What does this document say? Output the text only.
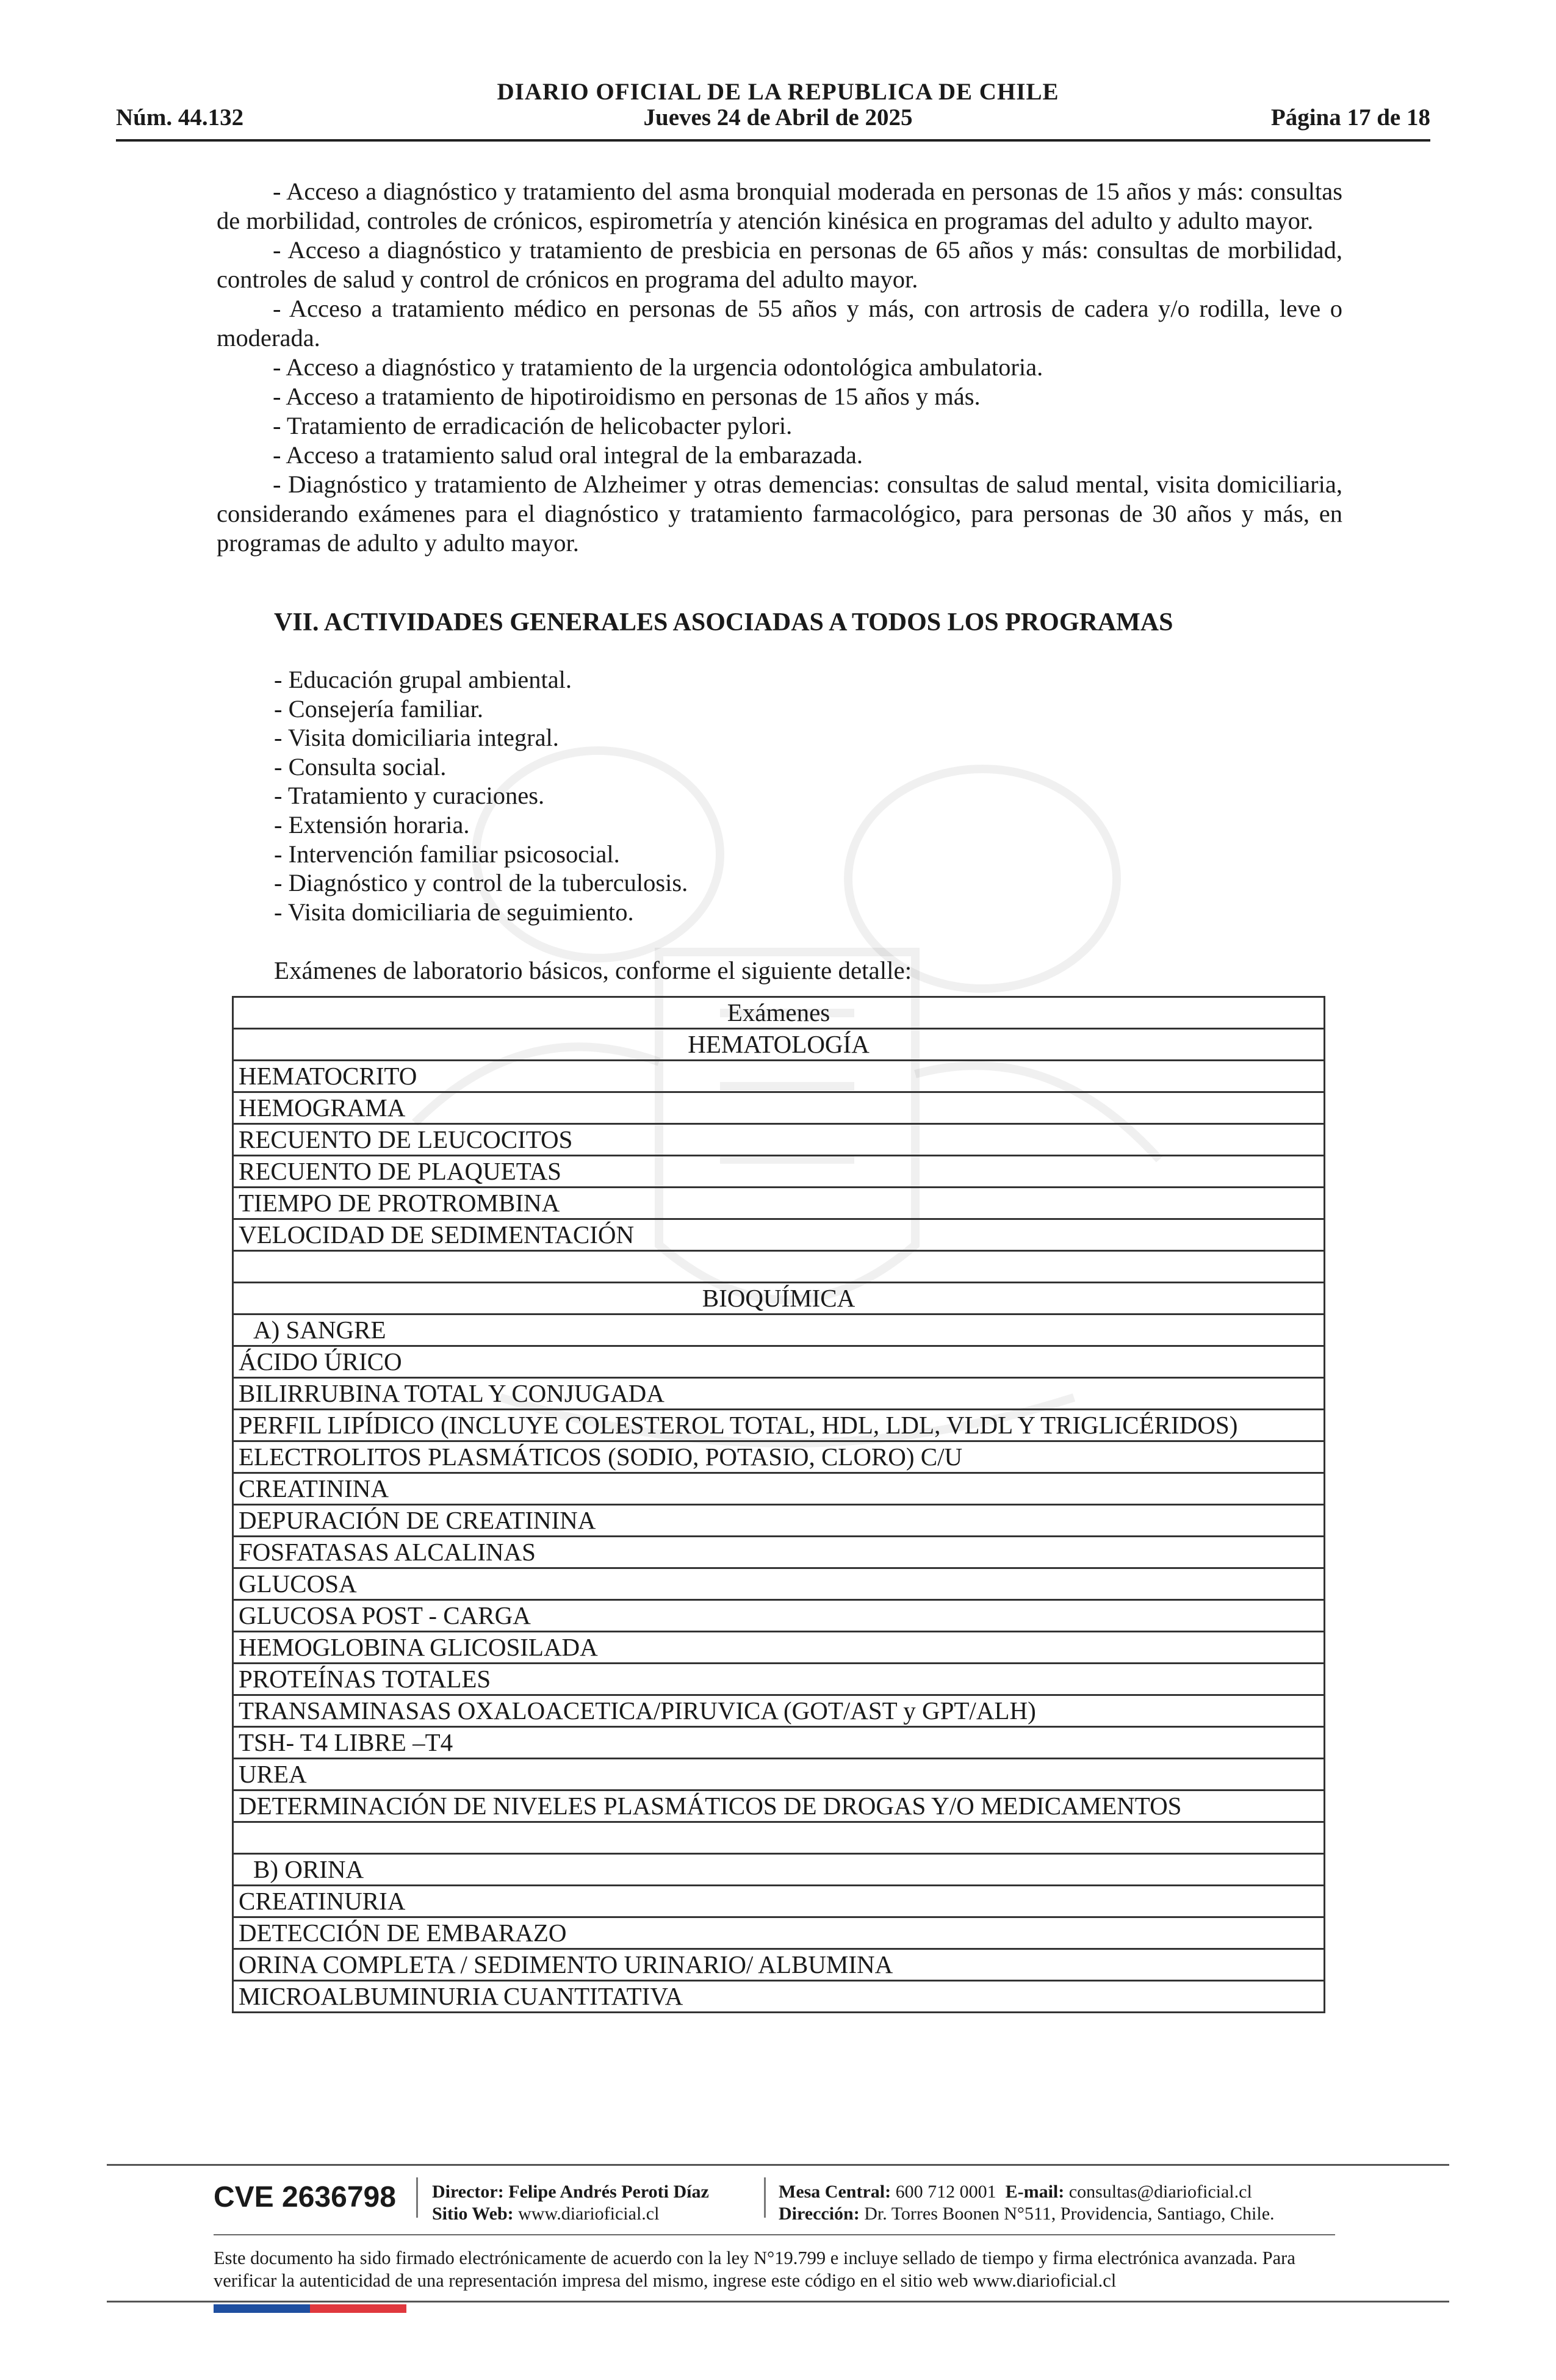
DIARIO OFICIAL DE LA REPUBLICA DE CHILE
Núm. 44.132	Jueves 24 de Abril de 2025	Página 17 de 18

- Acceso a diagnóstico y tratamiento del asma bronquial moderada en personas de 15 años y más: consultas de morbilidad, controles de crónicos, espirometría y atención kinésica en programas del adulto y adulto mayor.

- Acceso a diagnóstico y tratamiento de presbicia en personas de 65 años y más: consultas de morbilidad, controles de salud y control de crónicos en programa del adulto mayor.

- Acceso a tratamiento médico en personas de 55 años y más, con artrosis de cadera y/o rodilla, leve o moderada.

- Acceso a diagnóstico y tratamiento de la urgencia odontológica ambulatoria.

- Acceso a tratamiento de hipotiroidismo en personas de 15 años y más.

- Tratamiento de erradicación de helicobacter pylori.

- Acceso a tratamiento salud oral integral de la embarazada.

- Diagnóstico y tratamiento de Alzheimer y otras demencias: consultas de salud mental, visita domiciliaria, considerando exámenes para el diagnóstico y tratamiento farmacológico, para personas de 30 años y más, en programas de adulto y adulto mayor.

VII. ACTIVIDADES GENERALES ASOCIADAS A TODOS LOS PROGRAMAS
- Educación grupal ambiental.
- Consejería familiar.
- Visita domiciliaria integral.
- Consulta social.
- Tratamiento y curaciones.
- Extensión horaria.
- Intervención familiar psicosocial.
- Diagnóstico y control de la tuberculosis.
- Visita domiciliaria de seguimiento.
Exámenes de laboratorio básicos, conforme el siguiente detalle:
Exámenes
HEMATOLOGÍA
HEMATOCRITO
HEMOGRAMA
RECUENTO DE LEUCOCITOS
RECUENTO DE PLAQUETAS
TIEMPO DE PROTROMBINA
VELOCIDAD DE SEDIMENTACIÓN

BIOQUÍMICA
A) SANGRE
ÁCIDO ÚRICO
BILIRRUBINA TOTAL Y CONJUGADA
PERFIL LIPÍDICO (INCLUYE COLESTEROL TOTAL, HDL, LDL, VLDL Y TRIGLICÉRIDOS)
ELECTROLITOS PLASMÁTICOS (SODIO, POTASIO, CLORO) C/U
CREATININA
DEPURACIÓN DE CREATININA
FOSFATASAS ALCALINAS
GLUCOSA
GLUCOSA POST - CARGA
HEMOGLOBINA GLICOSILADA
PROTEÍNAS TOTALES
TRANSAMINASAS OXALOACETICA/PIRUVICA (GOT/AST y GPT/ALH)
TSH- T4 LIBRE –T4
UREA
DETERMINACIÓN DE NIVELES PLASMÁTICOS DE DROGAS Y/O MEDICAMENTOS

B) ORINA
CREATINURIA
DETECCIÓN DE EMBARAZO
ORINA COMPLETA / SEDIMENTO URINARIO/ ALBUMINA
MICROALBUMINURIA CUANTITATIVA
CVE 2636798 Director: Felipe Andrés Peroti Díaz
Sitio Web: www.diarioficial.cl
Mesa Central: 600 712 0001 E-mail: consultas@diarioficial.cl
Dirección: Dr. Torres Boonen N°511, Providencia, Santiago, Chile.
Este documento ha sido firmado electrónicamente de acuerdo con la ley N°19.799 e incluye sellado de tiempo y firma electrónica avanzada. Para verificar la autenticidad de una representación impresa del mismo, ingrese este código en el sitio web www.diarioficial.cl
